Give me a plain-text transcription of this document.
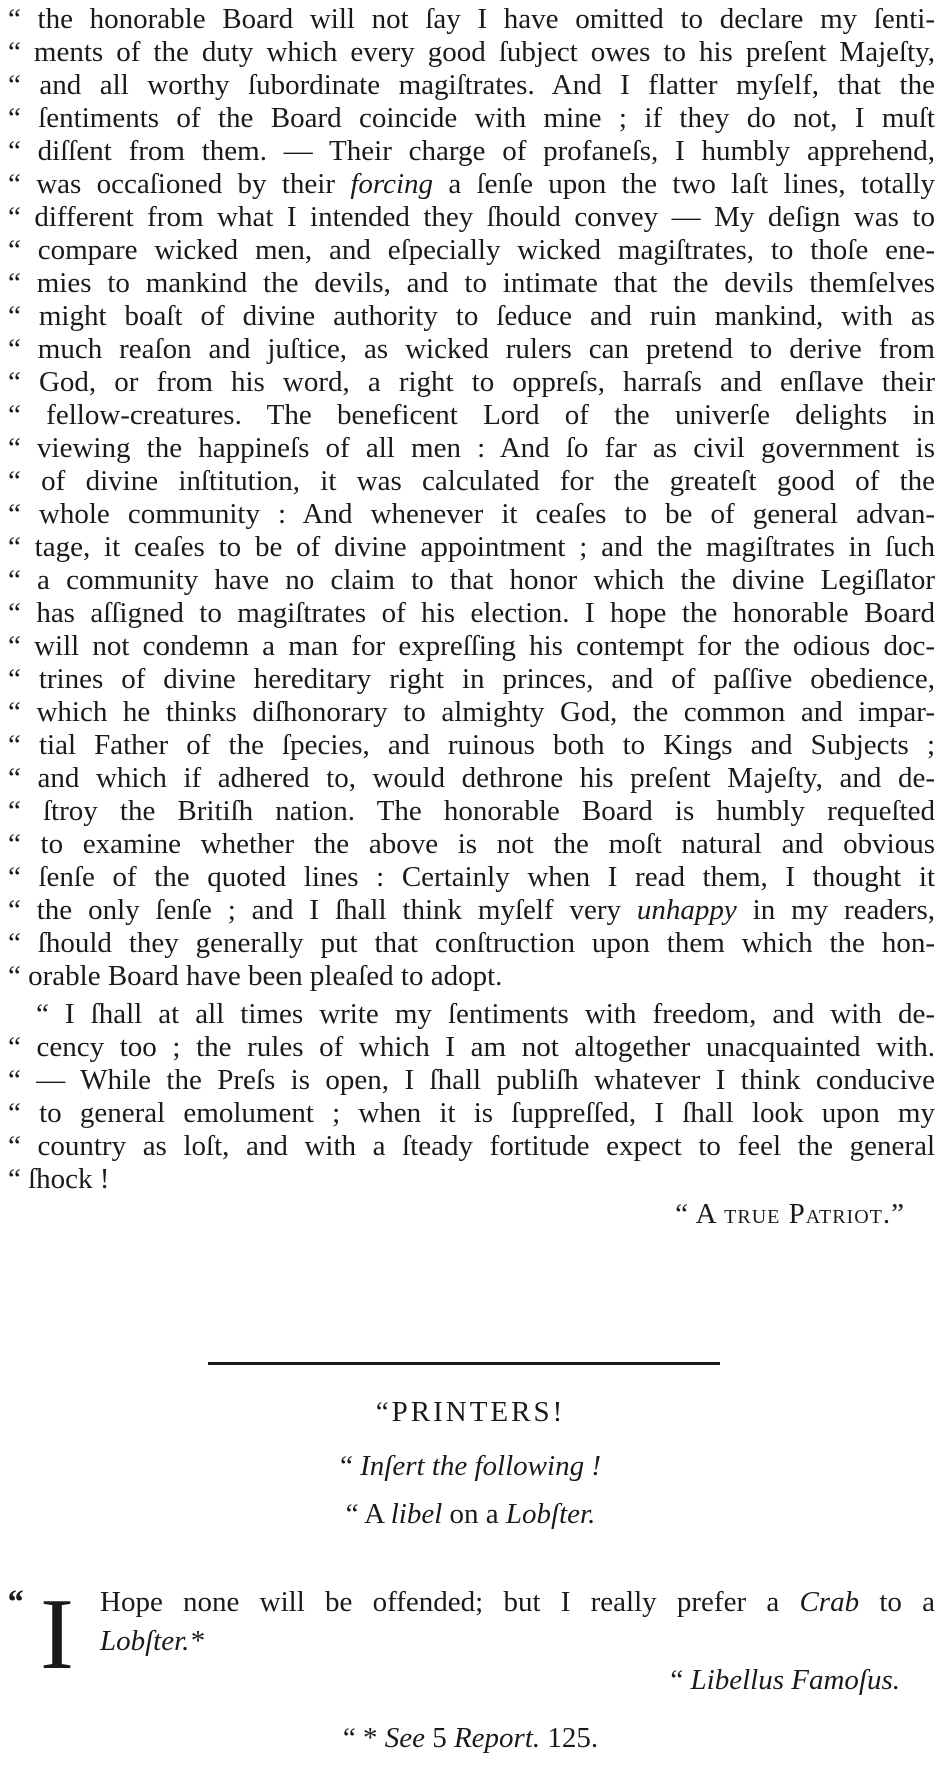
“ the honorable Board will not ſay I have omitted to declare my ſenti-
“ ments of the duty which every good ſubject owes to his preſent Majeſty,
“ and all worthy ſubordinate magiſtrates. And I flatter myſelf, that the
“ ſentiments of the Board coincide with mine ; if they do not, I muſt
“ diſſent from them. — Their charge of profaneſs, I humbly apprehend,
“ was occaſioned by their forcing a ſenſe upon the two laſt lines, totally
“ different from what I intended they ſhould convey — My deſign was to
“ compare wicked men, and eſpecially wicked magiſtrates, to thoſe ene-
“ mies to mankind the devils, and to intimate that the devils themſelves
“ might boaſt of divine authority to ſeduce and ruin mankind, with as
“ much reaſon and juſtice, as wicked rulers can pretend to derive from
“ God, or from his word, a right to oppreſs, harraſs and enſlave their
“ fellow-creatures. The beneficent Lord of the univerſe delights in
“ viewing the happineſs of all men : And ſo far as civil government is
“ of divine inſtitution, it was calculated for the greateſt good of the
“ whole community : And whenever it ceaſes to be of general advan-
“ tage, it ceaſes to be of divine appointment ; and the magiſtrates in ſuch
“ a community have no claim to that honor which the divine Legiſlator
“ has aſſigned to magiſtrates of his election. I hope the honorable Board
“ will not condemn a man for expreſſing his contempt for the odious doc-
“ trines of divine hereditary right in princes, and of paſſive obedience,
“ which he thinks diſhonorary to almighty God, the common and impar-
“ tial Father of the ſpecies, and ruinous both to Kings and Subjects ;
“ and which if adhered to, would dethrone his preſent Majeſty, and de-
“ ſtroy the Britiſh nation. The honorable Board is humbly requeſted
“ to examine whether the above is not the moſt natural and obvious
“ ſenſe of the quoted lines : Certainly when I read them, I thought it
“ the only ſenſe ; and I ſhall think myſelf very unhappy in my readers,
“ ſhould they generally put that conſtruction upon them which the hon-
“ orable Board have been pleaſed to adopt.
“ I ſhall at all times write my ſentiments with freedom, and with de-
“ cency too ; the rules of which I am not altogether unacquainted with.
“ — While the Preſs is open, I ſhall publiſh whatever I think conducive
“ to general emolument ; when it is ſuppreſſed, I ſhall look upon my
“ country as loſt, and with a ſteady fortitude expect to feel the general
“ ſhock !
“ A true Patriot.”
“PRINTERS!
“ Inſert the following !
“ A libel on a Lobſter.
“ I Hope none will be offended; but I really prefer a Crab to a
Lobſter.*
“ Libellus Famoſus.
“ * See 5 Report. 125.
